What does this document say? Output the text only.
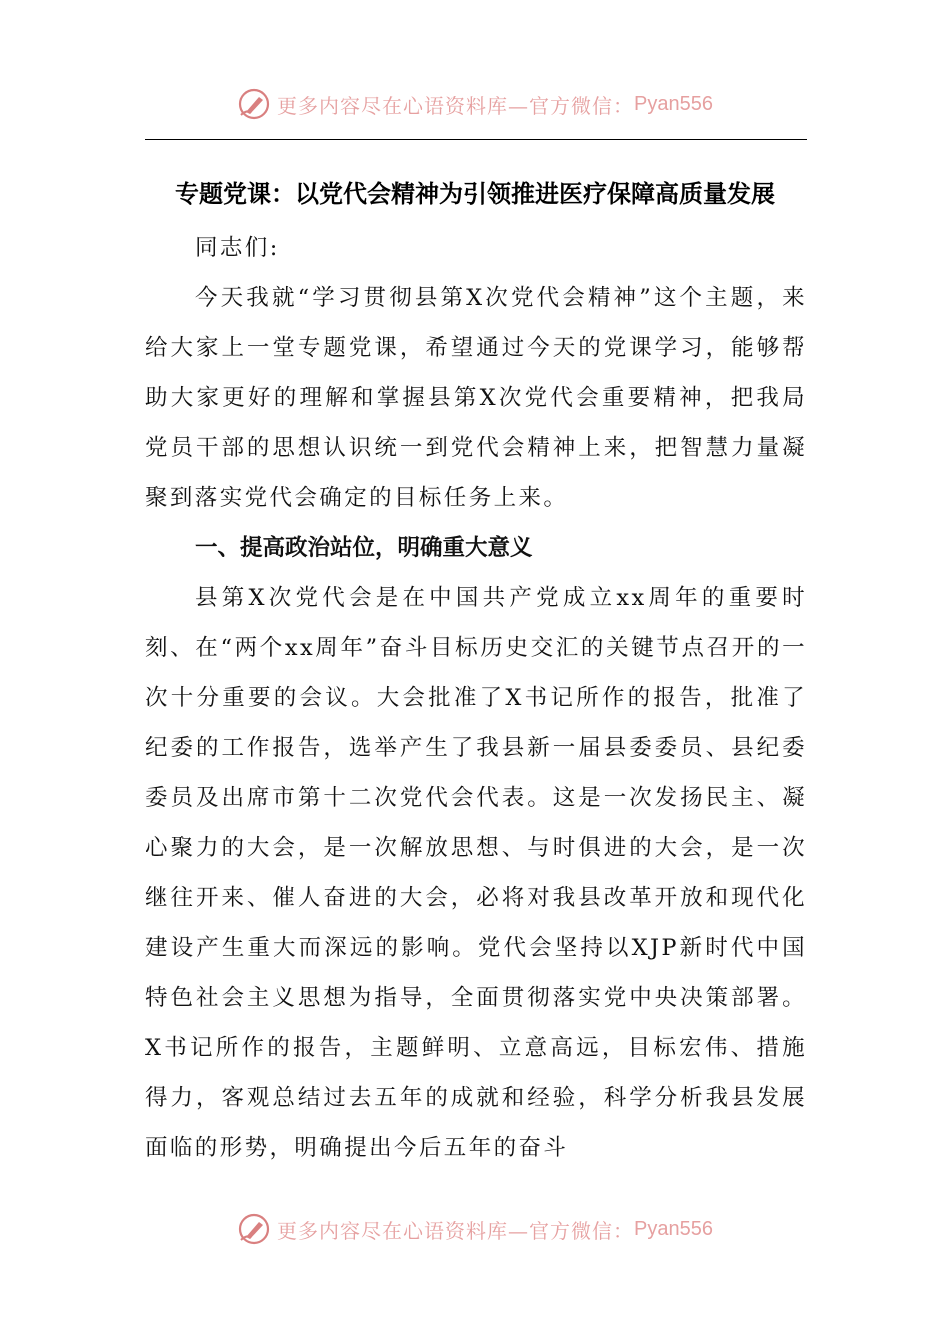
更多内容尽在心语资料库—官方微信： Pyan556
专题党课：以党代会精神为引领推进医疗保障高质量发展

同志们:

今天我就“学习贯彻县第X次党代会精神”这个主题，来给大家上一堂专题党课，希望通过今天的党课学习，能够帮助大家更好的理解和掌握县第X次党代会重要精神，把我局党员干部的思想认识统一到党代会精神上来，把智慧力量凝聚到落实党代会确定的目标任务上来。

一、提高政治站位，明确重大意义

县第X次党代会是在中国共产党成立xx周年的重要时刻、在“两个xx周年”奋斗目标历史交汇的关键节点召开的一次十分重要的会议。大会批准了X书记所作的报告，批准了纪委的工作报告，选举产生了我县新一届县委委员、县纪委委员及出席市第十二次党代会代表。这是一次发扬民主、凝心聚力的大会，是一次解放思想、与时俱进的大会，是一次继往开来、催人奋进的大会，必将对我县改革开放和现代化建设产生重大而深远的影响。党代会坚持以XJP新时代中国特色社会主义思想为指导，全面贯彻落实党中央决策部署。X书记所作的报告，主题鲜明、立意高远，目标宏伟、措施得力，客观总结过去五年的成就和经验，科学分析我县发展面临的形势，明确提出今后五年的奋斗

更多内容尽在心语资料库—官方微信： Pyan556
